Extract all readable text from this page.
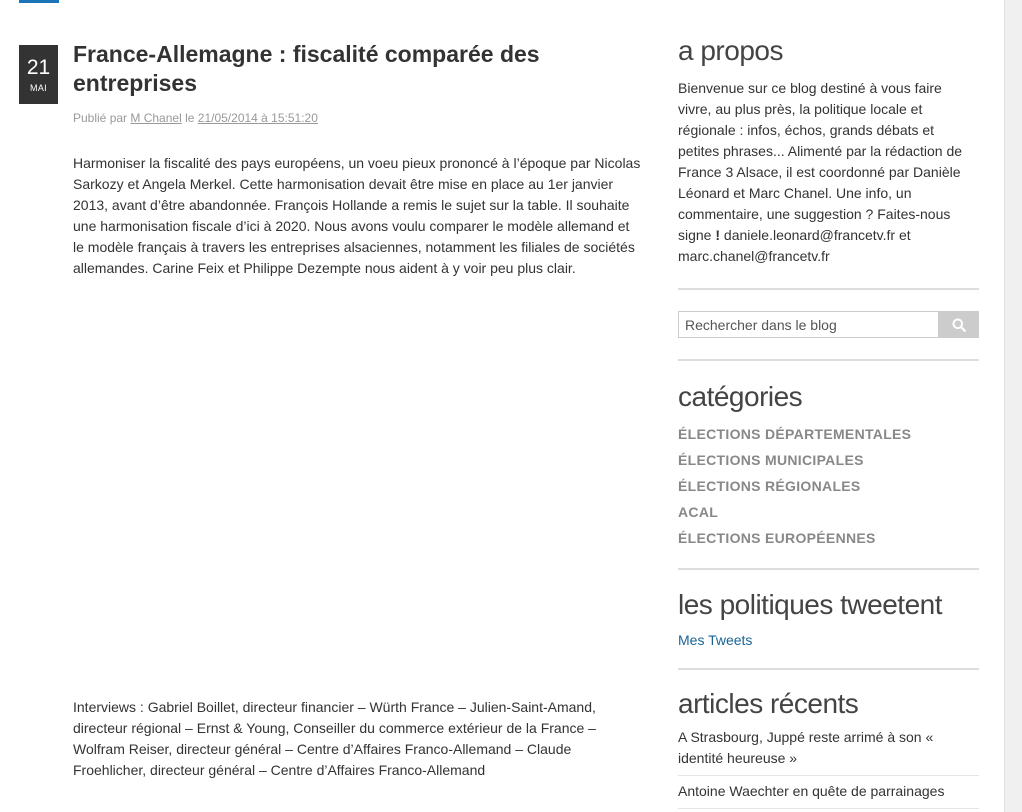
21
MAI
France-Allemagne : fiscalité comparée des entreprises
Publié par M Chanel le 21/05/2014 à 15:51:20

Harmoniser la fiscalité des pays européens, un voeu pieux prononcé à l’époque par Nicolas Sarkozy et Angela Merkel. Cette harmonisation devait être mise en place au 1er janvier 2013, avant d’être abandonnée. François Hollande a remis le sujet sur la table. Il souhaite une harmonisation fiscale d’ici à 2020. Nous avons voulu comparer le modèle allemand et le modèle français à travers les entreprises alsaciennes, notamment les filiales de sociétés allemandes. Carine Feix et Philippe Dezempte nous aident à y voir peu plus clair.

Interviews : Gabriel Boillet, directeur financier – Würth France – Julien-Saint-Amand, directeur régional – Ernst & Young, Conseiller du commerce extérieur de la France – Wolfram Reiser, directeur général – Centre d’Affaires Franco-Allemand – Claude Froehlicher, directeur général – Centre d’Affaires Franco-Allemand

a propos

Bienvenue sur ce blog destiné à vous faire vivre, au plus près, la politique locale et régionale : infos, échos, grands débats et petites phrases... Alimenté par la rédaction de France 3 Alsace, il est coordonné par Danièle Léonard et Marc Chanel. Une info, un commentaire, une suggestion ? Faites-nous signe ! daniele.leonard@francetv.fr et marc.chanel@francetv.fr

Rechercher dans le blog
catégories
ÉLECTIONS DÉPARTEMENTALES
ÉLECTIONS MUNICIPALES
ÉLECTIONS RÉGIONALES
ACAL
ÉLECTIONS EUROPÉENNES
les politiques tweetent
Mes Tweets
articles récents
A Strasbourg, Juppé reste arrimé à son « identité heureuse »
Antoine Waechter en quête de parrainages
